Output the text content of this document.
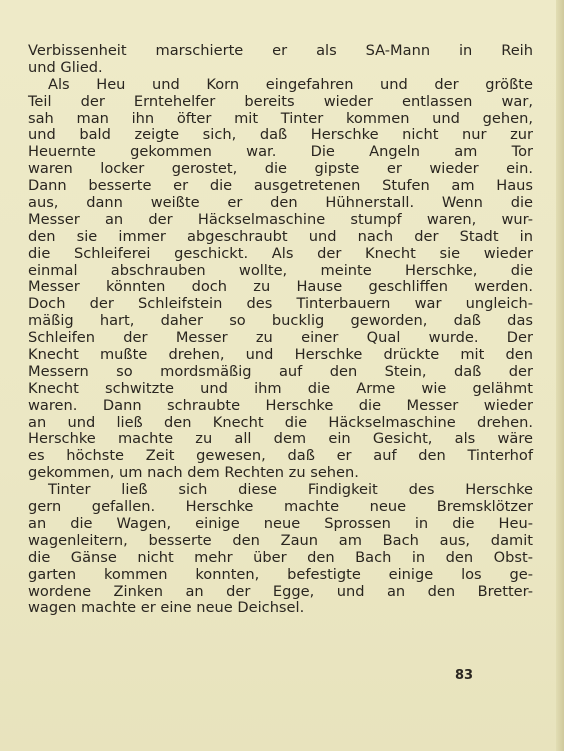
Verbissenheit marschierte er als SA-Mann in Reih
und Glied.
Als Heu und Korn eingefahren und der größte
Teil der Erntehelfer bereits wieder entlassen war,
sah man ihn öfter mit Tinter kommen und gehen,
und bald zeigte sich, daß Herschke nicht nur zur
Heuernte gekommen war. Die Angeln am Tor
waren locker gerostet, die gipste er wieder ein.
Dann besserte er die ausgetretenen Stufen am Haus
aus, dann weißte er den Hühnerstall. Wenn die
Messer an der Häckselmaschine stumpf waren, wur-
den sie immer abgeschraubt und nach der Stadt in
die Schleiferei geschickt. Als der Knecht sie wieder
einmal abschrauben wollte, meinte Herschke, die
Messer könnten doch zu Hause geschliffen werden.
Doch der Schleifstein des Tinterbauern war ungleich-
mäßig hart, daher so bucklig geworden, daß das
Schleifen der Messer zu einer Qual wurde. Der
Knecht mußte drehen, und Herschke drückte mit den
Messern so mordsmäßig auf den Stein, daß der
Knecht schwitzte und ihm die Arme wie gelähmt
waren. Dann schraubte Herschke die Messer wieder
an und ließ den Knecht die Häckselmaschine drehen.
Herschke machte zu all dem ein Gesicht, als wäre
es höchste Zeit gewesen, daß er auf den Tinterhof
gekommen, um nach dem Rechten zu sehen.
Tinter ließ sich diese Findigkeit des Herschke
gern gefallen. Herschke machte neue Bremsklötzer
an die Wagen, einige neue Sprossen in die Heu-
wagenleitern, besserte den Zaun am Bach aus, damit
die Gänse nicht mehr über den Bach in den Obst-
garten kommen konnten, befestigte einige los ge-
wordene Zinken an der Egge, und an den Bretter-
wagen machte er eine neue Deichsel.
83
